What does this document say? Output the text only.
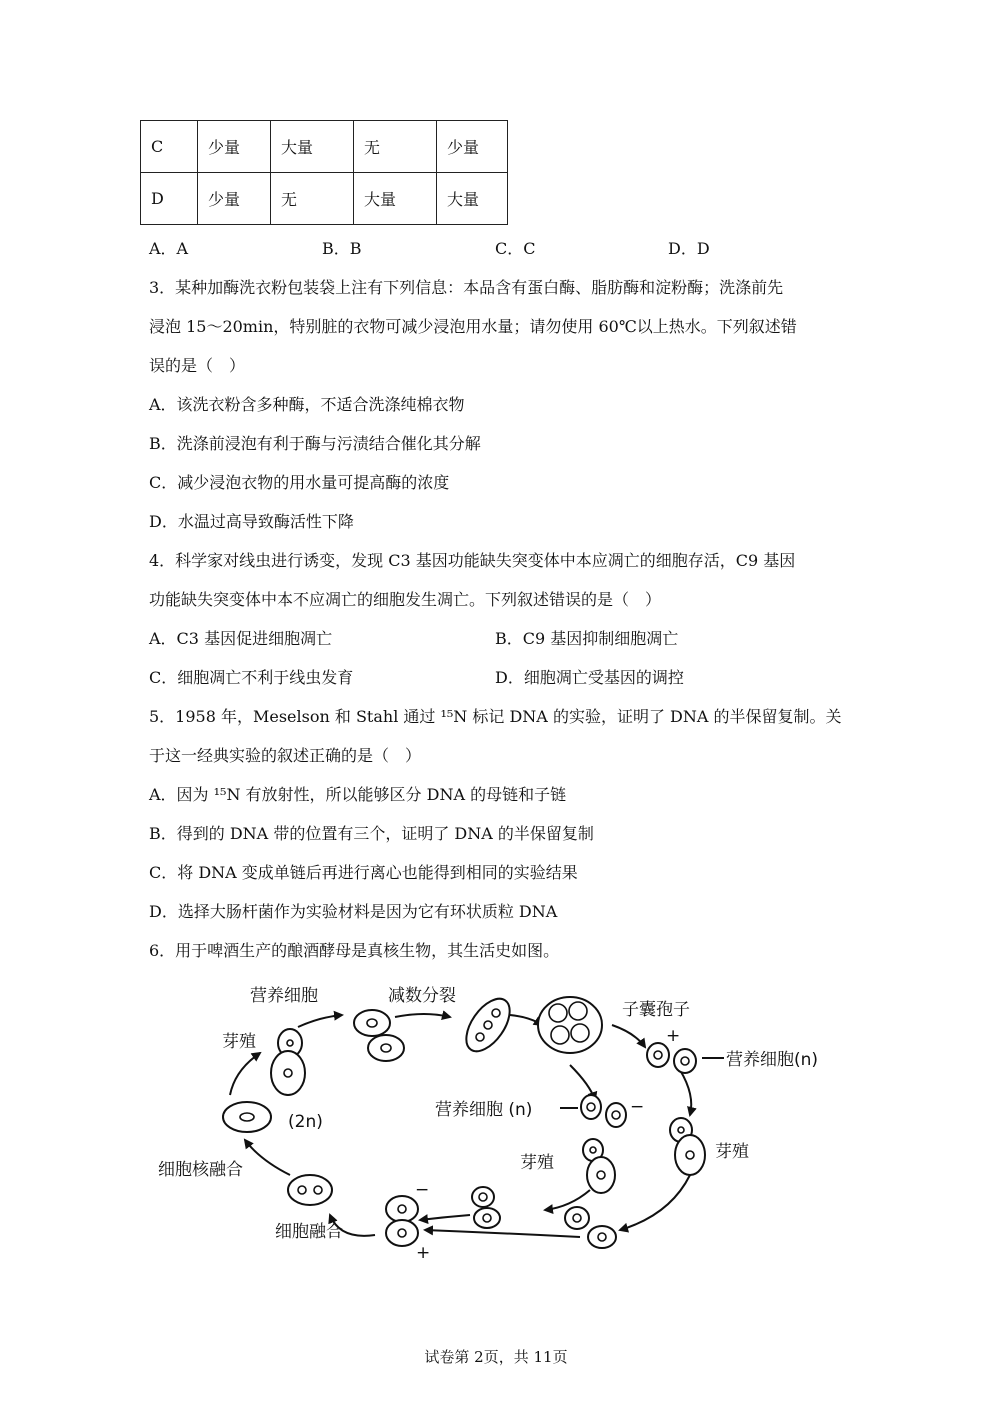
C	少量	大量	无	少量
D	少量	无	大量	大量
A．A	B．B	C．C	D．D
3．某种加酶洗衣粉包装袋上注有下列信息：本品含有蛋白酶、脂肪酶和淀粉酶；洗涤前先
浸泡 15～20min，特别脏的衣物可减少浸泡用水量；请勿使用 60℃以上热水。下列叙述错
误的是（　）
A．该洗衣粉含多种酶，不适合洗涤纯棉衣物
B．洗涤前浸泡有利于酶与污渍结合催化其分解
C．减少浸泡衣物的用水量可提高酶的浓度
D．水温过高导致酶活性下降
4．科学家对线虫进行诱变，发现 C3 基因功能缺失突变体中本应凋亡的细胞存活，C9 基因
功能缺失突变体中本不应凋亡的细胞发生凋亡。下列叙述错误的是（　）
A．C3 基因促进细胞凋亡	B．C9 基因抑制细胞凋亡
C．细胞凋亡不利于线虫发育	D．细胞凋亡受基因的调控
5．1958 年，Meselson 和 Stahl 通过 ¹⁵N 标记 DNA 的实验，证明了 DNA 的半保留复制。关
于这一经典实验的叙述正确的是（　）
A．因为 ¹⁵N 有放射性，所以能够区分 DNA 的母链和子链
B．得到的 DNA 带的位置有三个，证明了 DNA 的半保留复制
C．将 DNA 变成单链后再进行离心也能得到相同的实验结果
D．选择大肠杆菌作为实验材料是因为它有环状质粒 DNA
6．用于啤酒生产的酿酒酵母是真核生物，其生活史如图。
营养细胞	减数分裂
子囊孢子
芽殖
(2n)
营养细胞(n)
营养细胞 (n)
芽殖
芽殖
细胞核融合
细胞融合
+
−
−
+
试卷第 2页，共 11页
